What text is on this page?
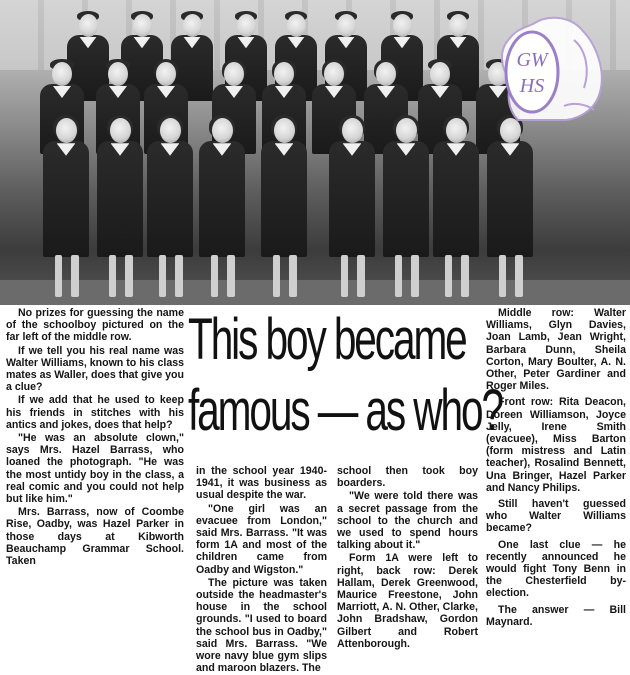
GW
HS
This boy became
famous — as who?

No prizes for guessing the name of the schoolboy pictured on the far left of the middle row.

If we tell you his real name was Walter Williams, known to his class mates as Waller, does that give you a clue?

If we add that he used to keep his friends in stitches with his antics and jokes, does that help?

"He was an absolute clown," says Mrs. Hazel Barrass, who loaned the photograph. "He was the most untidy boy in the class, a real comic and you could not help but like him."

Mrs. Barrass, now of Coombe Rise, Oadby, was Hazel Parker in those days at Kibworth Beauchamp Grammar School. Taken

in the school year 1940-1941, it was business as usual despite the war.

"One girl was an evacuee from London," said Mrs. Barrass. "It was form 1A and most of the children came from Oadby and Wigston."

The picture was taken outside the headmaster's house in the school grounds. "I used to board the school bus in Oadby," said Mrs. Barrass. "We wore navy blue gym slips and maroon blazers. The

school then took boy boarders.

"We were told there was a secret passage from the school to the church and we used to spend hours talking about it."

Form 1A were left to right, back row: Derek Hallam, Derek Greenwood, Maurice Freestone, John Marriott, A. N. Other, Clarke, John Bradshaw, Gordon Gilbert and Robert Attenborough.

Middle row: Walter Williams, Glyn Davies, Joan Lamb, Jean Wright, Barbara Dunn, Sheila Corton, Mary Boulter, A. N. Other, Peter Gardiner and Roger Miles.

Front row: Rita Deacon, Doreen Williamson, Joyce Jelly, Irene Smith (evacuee), Miss Barton (form mistress and Latin teacher), Rosalind Bennett, Una Bringer, Hazel Parker and Nancy Philips.

Still haven't guessed who Walter Williams became?

One last clue — he recently announced he would fight Tony Benn in the Chesterfield by-election.

The answer — Bill Maynard.
